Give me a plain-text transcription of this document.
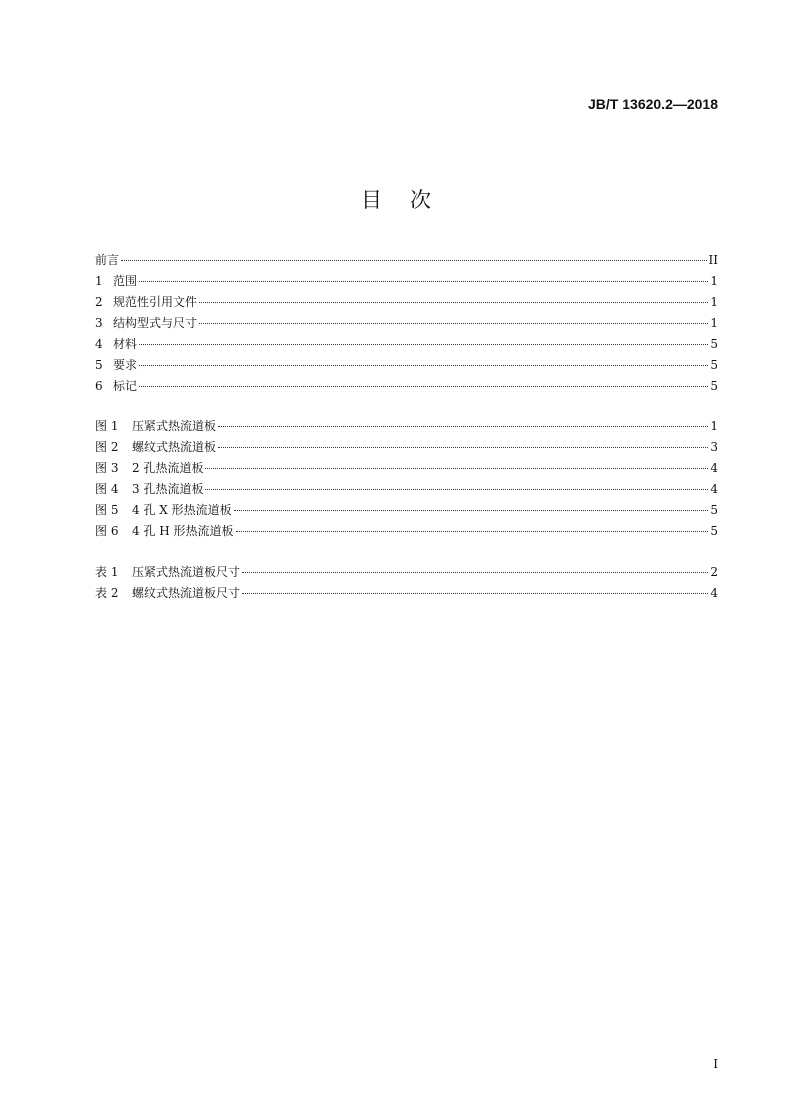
JB/T 13620.2—2018
目次
前言	II
1 范围	1
2 规范性引用文件	1
3 结构型式与尺寸	1
4 材料	5
5 要求	5
6 标记	5
图 1	压紧式热流道板	1
图 2	螺纹式热流道板	3
图 3	2 孔热流道板	4
图 4	3 孔热流道板	4
图 5	4 孔 X 形热流道板	5
图 6	4 孔 H 形热流道板	5
表 1	压紧式热流道板尺寸	2
表 2	螺纹式热流道板尺寸	4
I
